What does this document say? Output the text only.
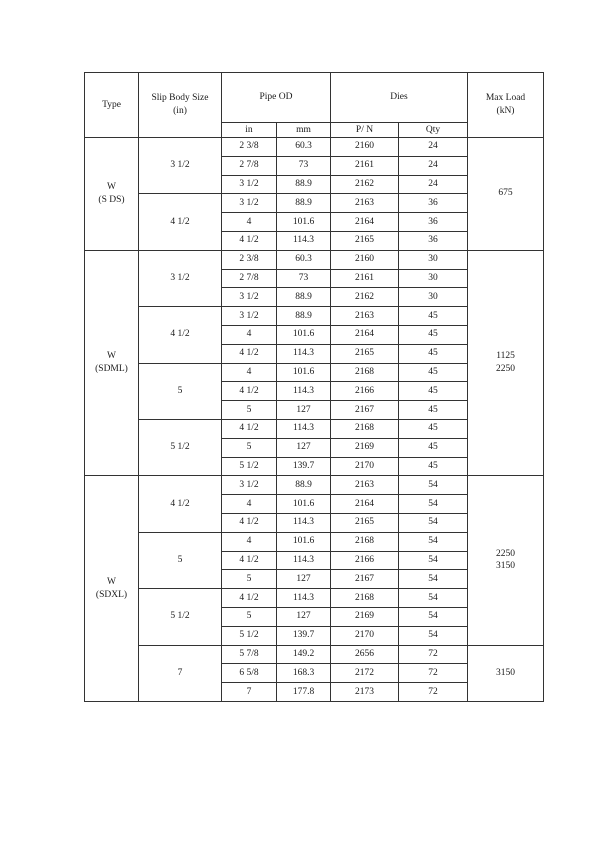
Type	Slip Body Size
(in)	Pipe OD		Dies		Max Load
(kN)
		in	mm	P/ N	Qty	
W
(S DS)	3 1/2	2 3/8	60.3	2160	24	675
		2 7/8	73	2161	24	
		3 1/2	88.9	2162	24	
	4 1/2	3 1/2	88.9	2163	36	
		4	101.6	2164	36	
		4 1/2	114.3	2165	36	
W
(SDML)	3 1/2	2 3/8	60.3	2160	30	1125
2250
		2 7/8	73	2161	30	
		3 1/2	88.9	2162	30	
	4 1/2	3 1/2	88.9	2163	45	
		4	101.6	2164	45	
		4 1/2	114.3	2165	45	
	5	4	101.6	2168	45	
		4 1/2	114.3	2166	45	
		5	127	2167	45	
	5 1/2	4 1/2	114.3	2168	45	
		5	127	2169	45	
		5 1/2	139.7	2170	45	
W
(SDXL)	4 1/2	3 1/2	88.9	2163	54	2250
3150
		4	101.6	2164	54	
		4 1/2	114.3	2165	54	
	5	4	101.6	2168	54	
		4 1/2	114.3	2166	54	
		5	127	2167	54	
	5 1/2	4 1/2	114.3	2168	54	
		5	127	2169	54	
		5 1/2	139.7	2170	54	
	7	5 7/8	149.2	2656	72	3150
		6 5/8	168.3	2172	72	
		7	177.8	2173	72	
